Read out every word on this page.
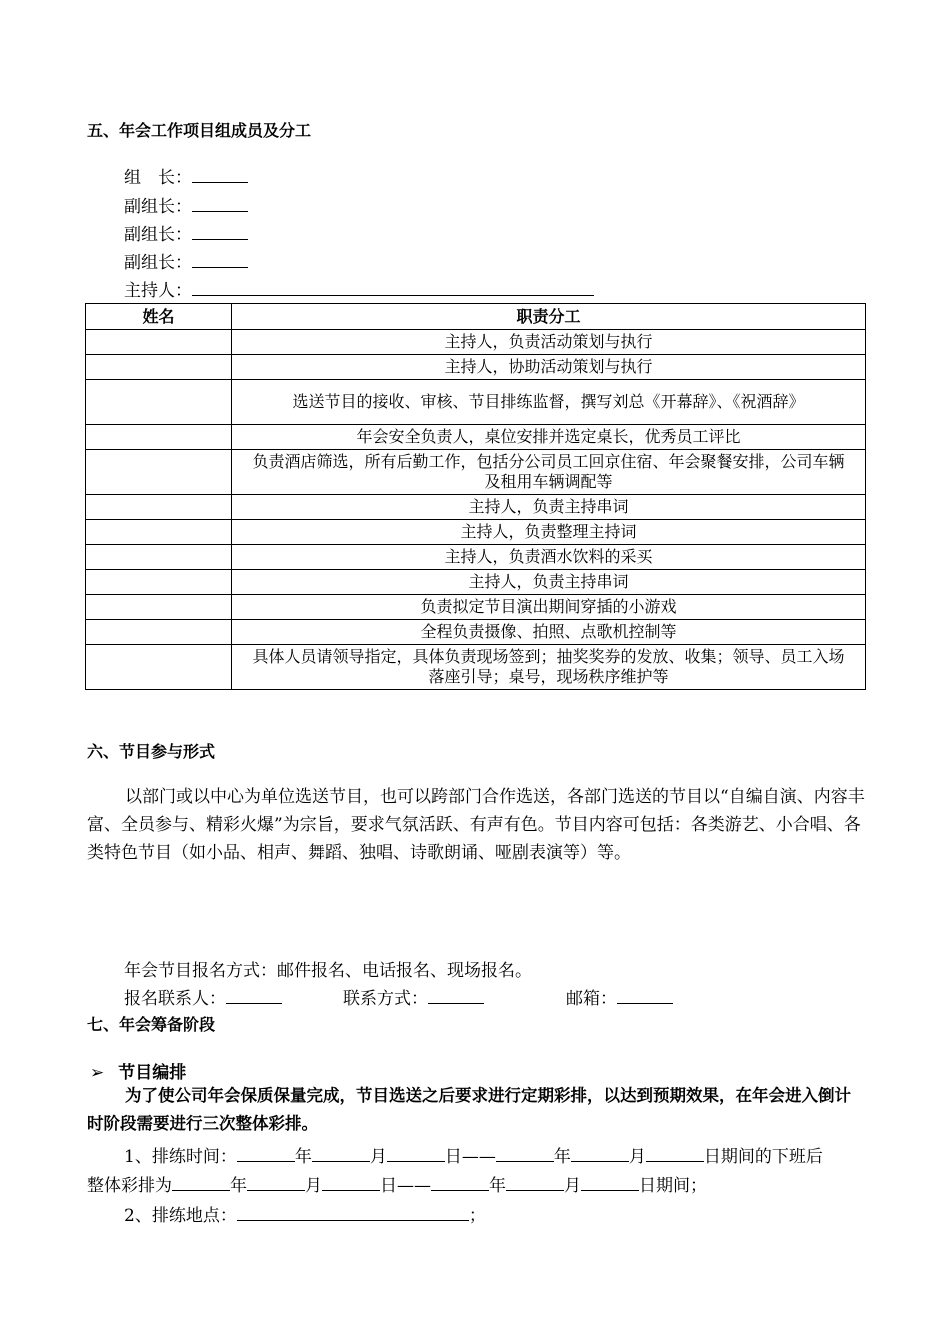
五、年会工作项目组成员及分工
组　长：
副组长：
副组长：
副组长：
主持人：
姓名	职责分工
	主持人，负责活动策划与执行
	主持人，协助活动策划与执行
	选送节目的接收、审核、节目排练监督，撰写刘总《开幕辞》、《祝酒辞》
	年会安全负责人，桌位安排并选定桌长，优秀员工评比
	负责酒店筛选，所有后勤工作，包括分公司员工回京住宿、年会聚餐安排，公司车辆及租用车辆调配等
	主持人，负责主持串词
	主持人，负责整理主持词
	主持人，负责酒水饮料的采买
	主持人，负责主持串词
	负责拟定节目演出期间穿插的小游戏
	全程负责摄像、拍照、点歌机控制等
	具体人员请领导指定，具体负责现场签到；抽奖奖券的发放、收集；领导、员工入场落座引导；桌号，现场秩序维护等
六、节目参与形式
以部门或以中心为单位选送节目，也可以跨部门合作选送，各部门选送的节目以“自编自演、内容丰富、全员参与、精彩火爆”为宗旨，要求气氛活跃、有声有色。节目内容可包括：各类游艺、小合唱、各类特色节目（如小品、相声、舞蹈、独唱、诗歌朗诵、哑剧表演等）等。
年会节目报名方式：邮件报名、电话报名、现场报名。
报名联系人：	联系方式：	邮箱：
七、年会筹备阶段
➢ 节目编排
为了使公司年会保质保量完成，节目选送之后要求进行定期彩排，以达到预期效果，在年会进入倒计时阶段需要进行三次整体彩排。
1、排练时间：	年	月	日——	年	月	日期间的下班后
整体彩排为	年	月	日——	年	月	日期间；
2、排练地点：	；
